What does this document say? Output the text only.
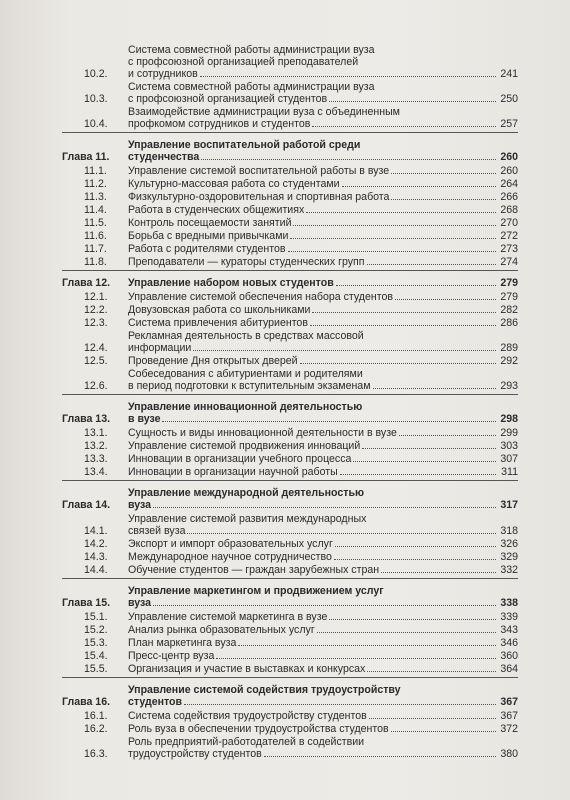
10.2.
Система совместной работы администрации вуза
с профсоюзной организацией преподавателей
и сотрудников	241
10.3.
Система совместной работы администрации вуза
с профсоюзной организацией студентов	250
10.4.
Взаимодействие администрации вуза с объединенным
профкомом сотрудников и студентов	257
Глава 11.
Управление воспитательной работой среди
студенчества	260
11.1.	Управление системой воспитательной работы в вузе	260
11.2.	Культурно-массовая работа со студентами	264
11.3.	Физкультурно-оздоровительная и спортивная работа	266
11.4.	Работа в студенческих общежитиях	268
11.5.	Контроль посещаемости занятий	270
11.6.	Борьба с вредными привычками	272
11.7.	Работа с родителями студентов	273
11.8.	Преподаватели — кураторы студенческих групп	274
Глава 12.	Управление набором новых студентов	279
12.1.	Управление системой обеспечения набора студентов	279
12.2.	Довузовская работа со школьниками	282
12.3.	Система привлечения абитуриентов	286
12.4.
Рекламная деятельность в средствах массовой
информации	289
12.5.	Проведение Дня открытых дверей	292
12.6.
Собеседования с абитуриентами и родителями
в период подготовки к вступительным экзаменам	293
Глава 13.
Управление инновационной деятельностью
в вузе	298
13.1.	Сущность и виды инновационной деятельности в вузе	299
13.2.	Управление системой продвижения инноваций	303
13.3.	Инновации в организации учебного процесса	307
13.4.	Инновации в организации научной работы	311
Глава 14.
Управление международной деятельностью
вуза	317
14.1.
Управление системой развития международных
связей вуза	318
14.2.	Экспорт и импорт образовательных услуг	326
14.3.	Международное научное сотрудничество	329
14.4.	Обучение студентов — граждан зарубежных стран	332
Глава 15.
Управление маркетингом и продвижением услуг
вуза	338
15.1.	Управление системой маркетинга в вузе	339
15.2.	Анализ рынка образовательных услуг	343
15.3.	План маркетинга вуза	346
15.4.	Пресс-центр вуза	360
15.5.	Организация и участие в выставках и конкурсах	364
Глава 16.
Управление системой содействия трудоустройству
студентов	367
16.1.	Система содействия трудоустройству студентов	367
16.2.	Роль вуза в обеспечении трудоустройства студентов	372
16.3.
Роль предприятий-работодателей в содействии
трудоустройству студентов	380
